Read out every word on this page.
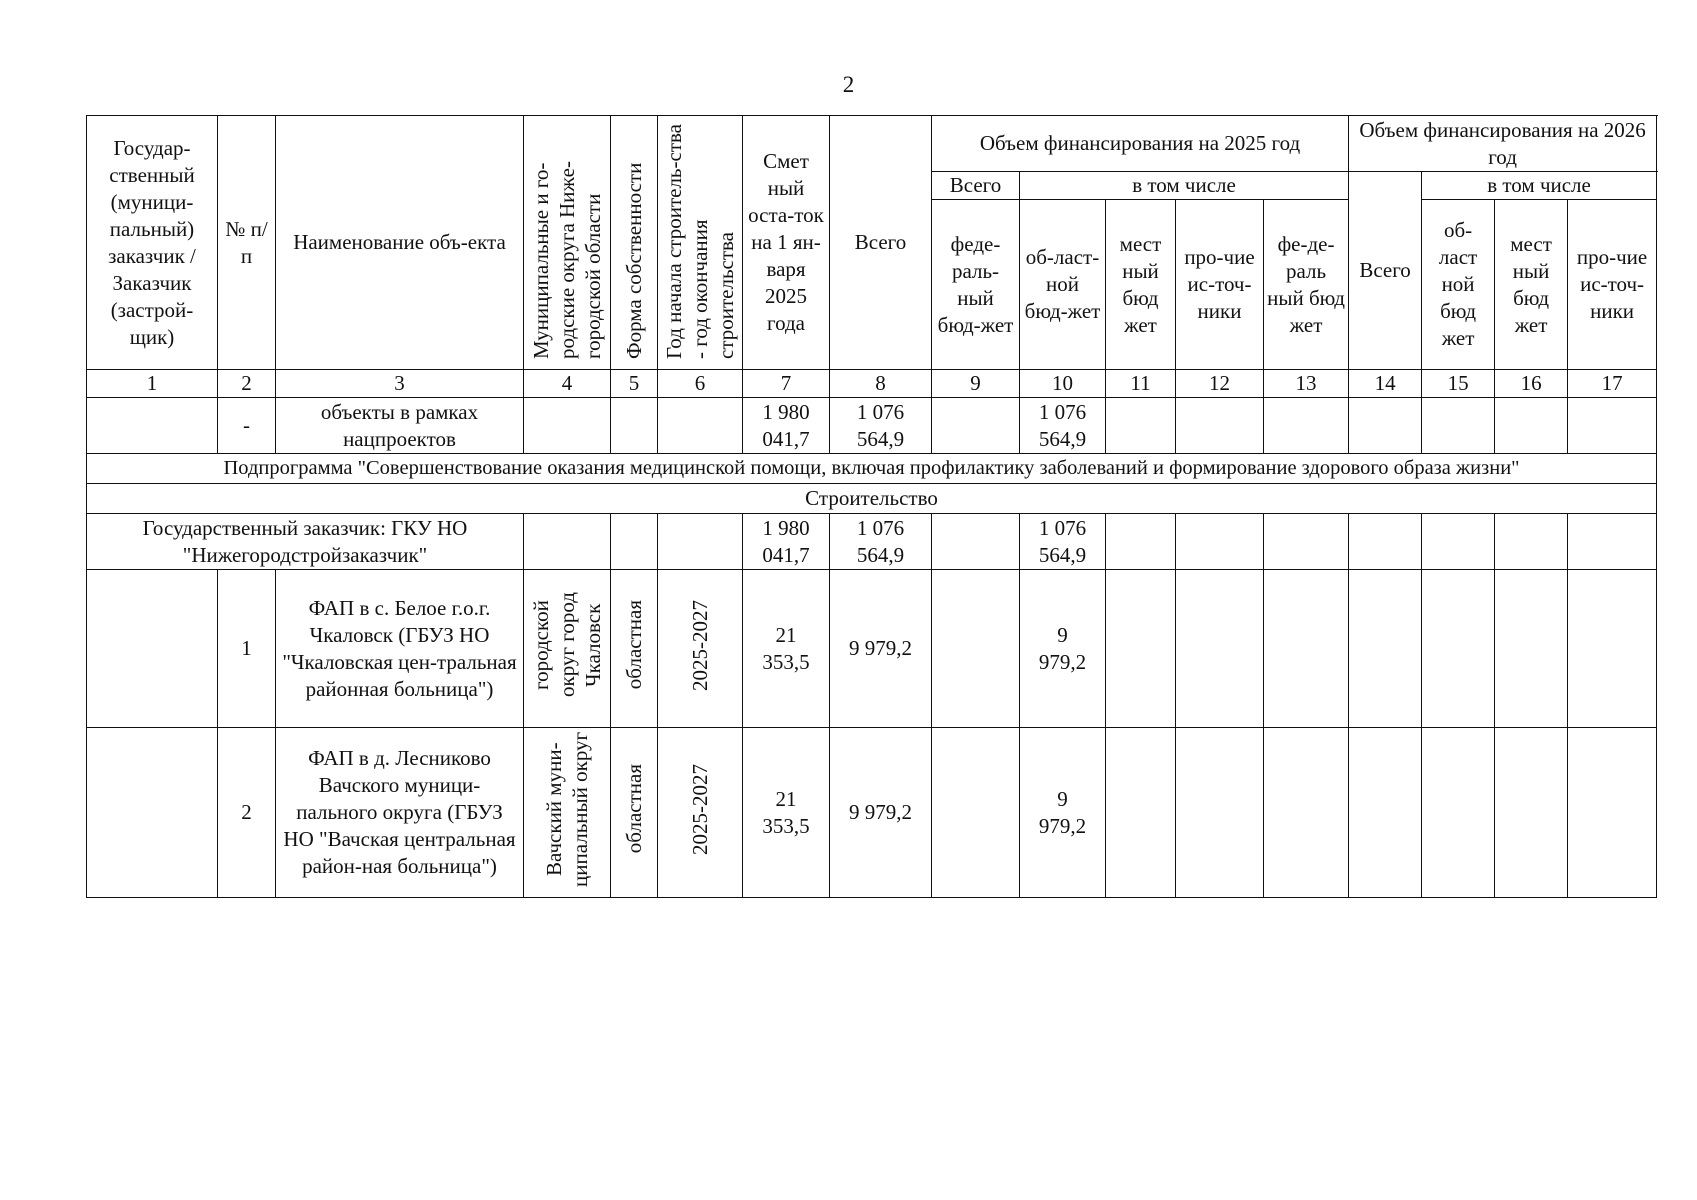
2
Государ-ственный (муници-пальный) заказчик / Заказчик (застрой-щик)	№ п/п	Наименование объ-екта	Муниципальные и го-родские округа Ниже-городской области	Форма собственности	Год начала строитель-ства - год окончания строительства	Смет ный оста-ток на 1 ян-варя 2025 года	Всего	Объем финансирования на 2025 год					Объем финансирования на 2026 год			
								Всего	в том числе				Всего	в том числе		
								феде-раль-ный бюд-жет	об-ласт-ной бюд-жет	мест ный бюд жет	про-чие ис-точ-ники	фе-де-раль ный бюд жет		об-ласт ной бюд жет	мест ный бюд жет	про-чие ис-точ-ники
1	2	3	4	5	6	7	8	9	10	11	12	13	14	15	16	17
	-	объекты в рамках нацпроектов				1 980 041,7	1 076 564,9		1 076 564,9							
Подпрограмма "Совершенствование оказания медицинской помощи, включая профилактику заболеваний и формирование здорового образа жизни"																
Строительство																
Государственный заказчик: ГКУ НО "Нижегородстройзаказчик"						1 980 041,7	1 076 564,9		1 076 564,9							
	1	ФАП в с. Белое г.о.г. Чкаловск (ГБУЗ НО "Чкаловская цен-тральная районная больница")	городской округ город Чкаловск	областная	2025-2027	21 353,5	9 979,2		9 979,2							
	2	ФАП в д. Лесниково Вачского муници-пального округа (ГБУЗ НО "Вачская центральная район-ная больница")	Вачский муни-ципальный округ	областная	2025-2027	21 353,5	9 979,2		9 979,2							
